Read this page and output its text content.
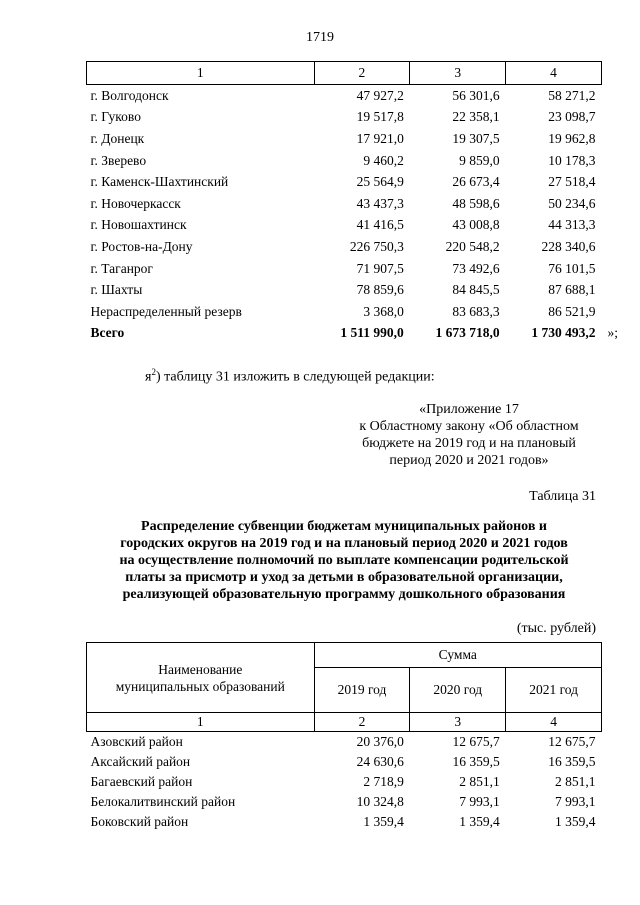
1719
1	2	3	4
г. Волгодонск	47 927,2	56 301,6	58 271,2
г. Гуково	19 517,8	22 358,1	23 098,7
г. Донецк	17 921,0	19 307,5	19 962,8
г. Зверево	9 460,2	9 859,0	10 178,3
г. Каменск-Шахтинский	25 564,9	26 673,4	27 518,4
г. Новочеркасск	43 437,3	48 598,6	50 234,6
г. Новошахтинск	41 416,5	43 008,8	44 313,3
г. Ростов-на-Дону	226 750,3	220 548,2	228 340,6
г. Таганрог	71 907,5	73 492,6	76 101,5
г. Шахты	78 859,6	84 845,5	87 688,1
Нераспределенный резерв	3 368,0	83 683,3	86 521,9
Всего	1 511 990,0	1 673 718,0	1 730 493,2 »;
$я^2$) таблицу 31 изложить в следующей редакции:
«Приложение 17
к Областному закону «Об областном
бюджете на 2019 год и на плановый
период 2020 и 2021 годов»
Таблица 31
Распределение субвенции бюджетам муниципальных районов и
городских округов на 2019 год и на плановый период 2020 и 2021 годов
на осуществление полномочий по выплате компенсации родительской
платы за присмотр и уход за детьми в образовательной организации,
реализующей образовательную программу дошкольного образования
(тыс. рублей)
Наименование
муниципальных образований	Сумма		
	2019 год	2020 год	2021 год
1	2	3	4
Азовский район	20 376,0	12 675,7	12 675,7
Аксайский район	24 630,6	16 359,5	16 359,5
Багаевский район	2 718,9	2 851,1	2 851,1
Белокалитвинский район	10 324,8	7 993,1	7 993,1
Боковский район	1 359,4	1 359,4	1 359,4
